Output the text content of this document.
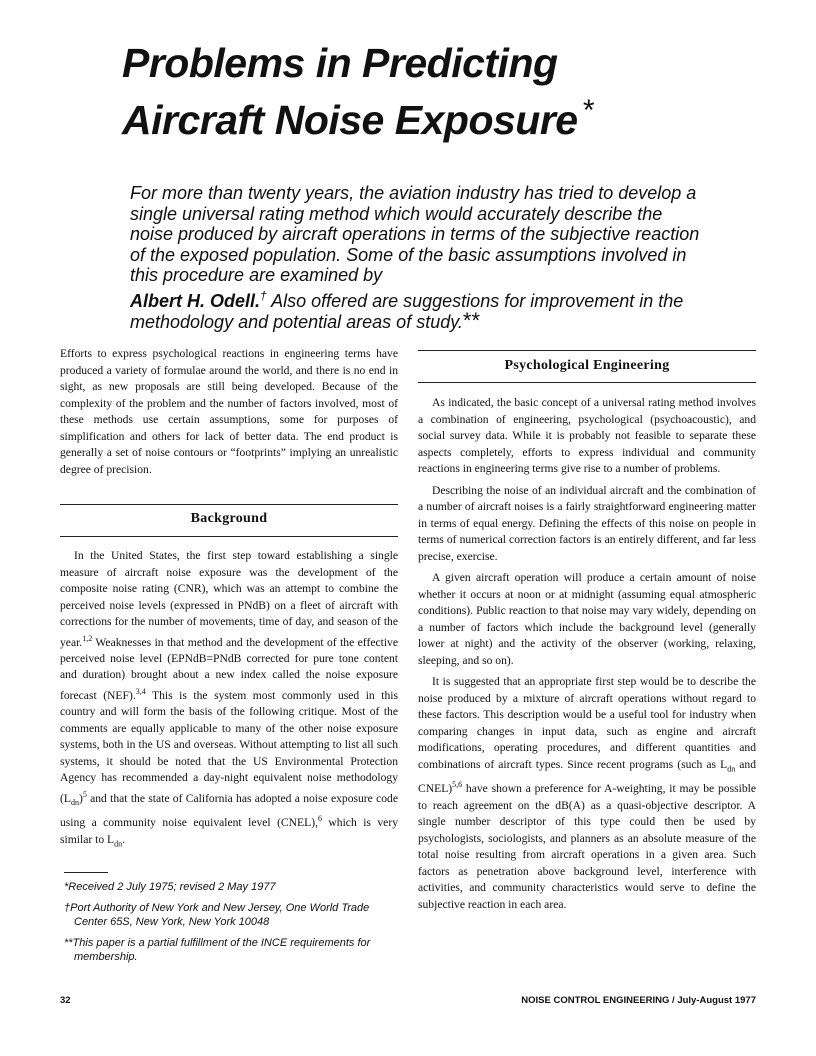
Problems in Predicting
Aircraft Noise Exposure *
For more than twenty years, the aviation industry has tried to develop a single universal rating method which would accurately describe the noise produced by aircraft operations in terms of the subjective reaction of the exposed population. Some of the basic assumptions involved in this procedure are examined by
Albert H. Odell.† Also offered are suggestions for improvement in the methodology and potential areas of study.**

Efforts to express psychological reactions in engineering terms have produced a variety of formulae around the world, and there is no end in sight, as new proposals are still being developed. Because of the complexity of the problem and the number of factors involved, most of these methods use certain assumptions, some for purposes of simplification and others for lack of better data. The end product is generally a set of noise contours or “footprints” implying an unrealistic degree of precision.

Background

In the United States, the first step toward establishing a single measure of aircraft noise exposure was the development of the composite noise rating (CNR), which was an attempt to combine the perceived noise levels (expressed in PNdB) on a fleet of aircraft with corrections for the number of movements, time of day, and season of the year.$^{1,2}$ Weaknesses in that method and the development of the effective perceived noise level (EPNdB=PNdB corrected for pure tone content and duration) brought about a new index called the noise exposure forecast (NEF).$^{3,4}$ This is the system most commonly used in this country and will form the basis of the following critique. Most of the comments are equally applicable to many of the other noise exposure systems, both in the US and overseas. Without attempting to list all such systems, it should be noted that the US Environmental Protection Agency has recommended a day-night equivalent noise methodology $(L_{dn})^5$ and that the state of California has adopted a noise exposure code using a community noise equivalent level (CNEL),$^6$ which is very similar to $L_{dn}$.

*Received 2 July 1975; revised 2 May 1977

†Port Authority of New York and New Jersey, One World Trade Center 65S, New York, New York 10048

**This paper is a partial fulfillment of the INCE requirements for membership.

Psychological Engineering

As indicated, the basic concept of a universal rating method involves a combination of engineering, psychological (psychoacoustic), and social survey data. While it is probably not feasible to separate these aspects completely, efforts to express individual and community reactions in engineering terms give rise to a number of problems.

Describing the noise of an individual aircraft and the combination of a number of aircraft noises is a fairly straightforward engineering matter in terms of equal energy. Defining the effects of this noise on people in terms of numerical correction factors is an entirely different, and far less precise, exercise.

A given aircraft operation will produce a certain amount of noise whether it occurs at noon or at midnight (assuming equal atmospheric conditions). Public reaction to that noise may vary widely, depending on a number of factors which include the background level (generally lower at night) and the activity of the observer (working, relaxing, sleeping, and so on).

It is suggested that an appropriate first step would be to describe the noise produced by a mixture of aircraft operations without regard to these factors. This description would be a useful tool for industry when comparing changes in input data, such as engine and aircraft modifications, operating procedures, and different quantities and combinations of aircraft types. Since recent programs (such as $L_{dn}$ and CNEL)$^{5,6}$ have shown a preference for A-weighting, it may be possible to reach agreement on the dB(A) as a quasi-objective descriptor. A single number descriptor of this type could then be used by psychologists, sociologists, and planners as an absolute measure of the total noise resulting from aircraft operations in a given area. Such factors as penetration above background level, interference with activities, and community characteristics would serve to define the subjective reaction in each area.

32	NOISE CONTROL ENGINEERING / July-August 1977
